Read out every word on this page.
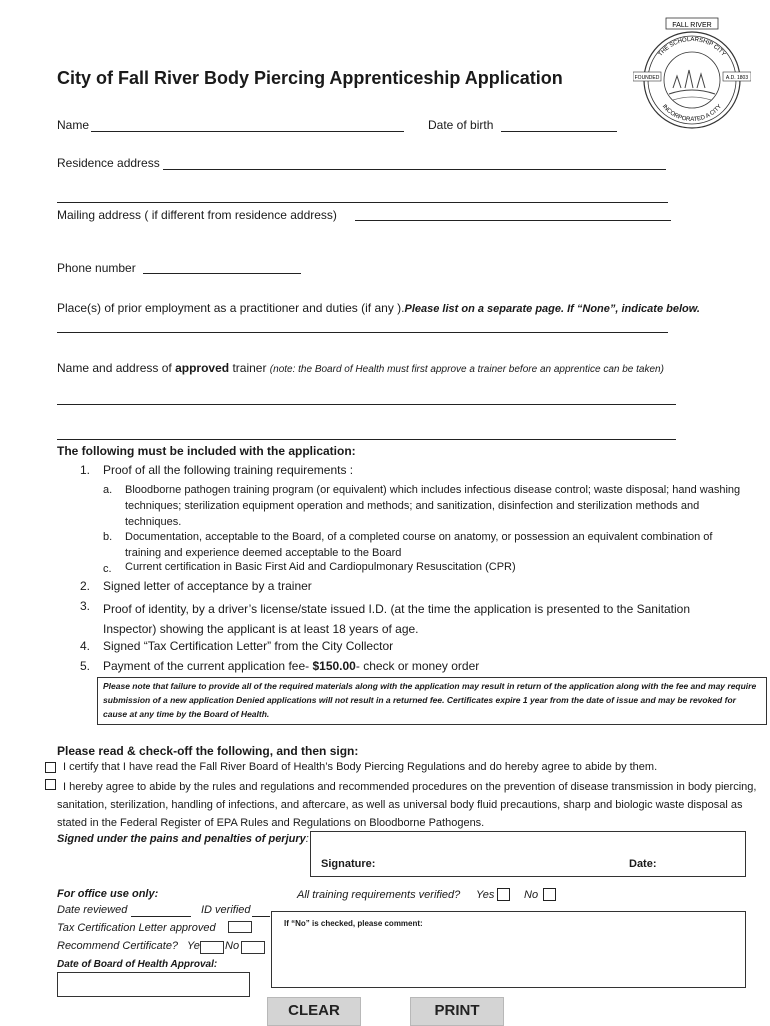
FALL RIVER
FOUNDED	A.D. 1803
THE SCHOLARSHIP CITY
INCORPORATED A CITY
City of Fall River Body Piercing Apprenticeship Application
Name	Date of birth
Residence address
Mailing address ( if different from residence address)
Phone number
Place(s) of prior employment as a practitioner and duties (if any ).Please list on a separate page. If “None”, indicate below.
Name and address of approved trainer (note: the Board of Health must first approve a trainer before an apprentice can be taken)
The following must be included with the application:
1. Proof of all the following training requirements :
a. Bloodborne pathogen training program (or equivalent) which includes infectious disease control; waste disposal; hand washing techniques; sterilization equipment operation and methods; and sanitization, disinfection and sterilization methods and techniques.
b. Documentation, acceptable to the Board, of a completed course on anatomy, or possession an equivalent combination of training and experience deemed acceptable to the Board
c. Current certification in Basic First Aid and Cardiopulmonary Resuscitation (CPR)
2. Signed letter of acceptance by a trainer
3. Proof of identity, by a driver’s license/state issued I.D. (at the time the application is presented to the Sanitation Inspector) showing the applicant is at least 18 years of age.
4. Signed “Tax Certification Letter” from the City Collector
5. Payment of the current application fee- $150.00- check or money order
Please note that failure to provide all of the required materials along with the application may result in return of the application along with the fee and may require submission of a new application Denied applications will not result in a returned fee. Certificates expire 1 year from the date of issue and may be revoked for cause at any time by the Board of Health.
Please read & check-off the following, and then sign:
I certify that I have read the Fall River Board of Health’s Body Piercing Regulations and do hereby agree to abide by them.
I hereby agree to abide by the rules and regulations and recommended procedures on the prevention of disease transmission in body piercing, sanitation, sterilization, handling of infections, and aftercare, as well as universal body fluid precautions, sharp and biologic waste disposal as stated in the Federal Register of EPA Rules and Regulations on Bloodborne Pathogens.
Signed under the pains and penalties of perjury:
Signature:	Date:
For office use only:
Date reviewed	ID verified
Tax Certification Letter approved
Recommend Certificate? Ye No
Date of Board of Health Approval:
All training requirements verified? Yes	No
If “No” is checked, please comment:
CLEAR	PRINT
